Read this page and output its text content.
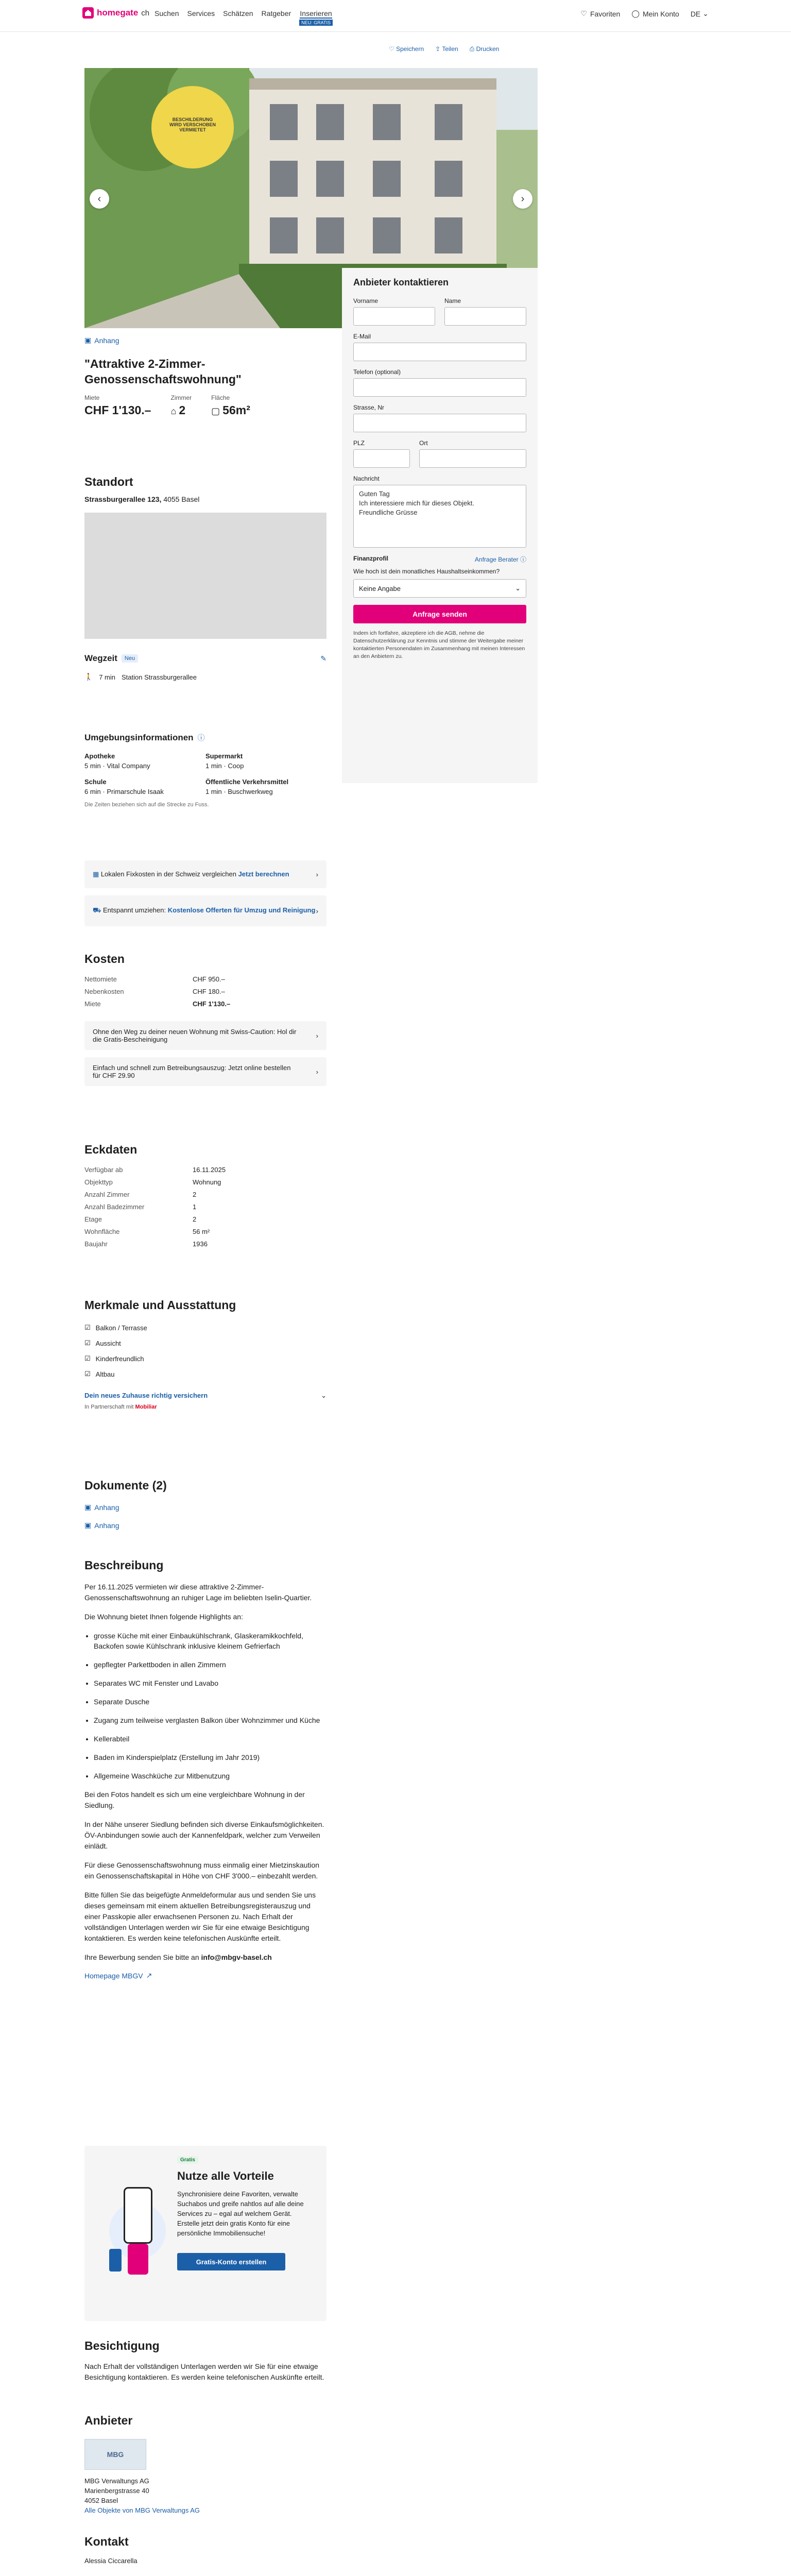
homegate ch Suchen Services Schätzen Ratgeber Inserieren
NEU: GRATIS
♡ Favoriten ◯ Mein Konto DE ⌄
♡ Speichern ⇪ Teilen ⎙ Drucken
BESCHILDERUNG WIRD VERSCHOBEN VERMIETET
‹	›
▣ Anhang
"Attraktive 2-Zimmer-Genossenschaftswohnung"
Miete
CHF 1'130.–
Zimmer
⌂ 2
Fläche
▢ 56m²
Standort
Strassburgerallee 123, 4055 Basel
Wegzeit	Neu	✎
🚶 7 min Station Strassburgerallee
Umgebungsinformationen ⓘ
Apotheke
5 min · Vital Company
Supermarkt
1 min · Coop
Schule
6 min · Primarschule Isaak
Öffentliche Verkehrsmittel
1 min · Buschwerkweg
Die Zeiten beziehen sich auf die Strecke zu Fuss.
▦ Lokalen Fixkosten in der Schweiz vergleichen Jetzt berechnen	›
⛟ Entspannt umziehen: Kostenlose Offerten für Umzug und Reinigung ›
Kosten
Nettomiete	CHF 950.–
Nebenkosten	CHF 180.–
Miete	CHF 1'130.–
Ohne den Weg zu deiner neuen Wohnung mit Swiss-Caution: Hol dir die Gratis-Bescheinigung	›
Einfach und schnell zum Betreibungsauszug: Jetzt online bestellen für CHF 29.90	›
Eckdaten
Verfügbar ab	16.11.2025
Objekttyp	Wohnung
Anzahl Zimmer	2
Anzahl Badezimmer	1
Etage	2
Wohnfläche	56 m²
Baujahr	1936
Merkmale und Ausstattung
☑ Balkon / Terrasse
☑ Aussicht
☑ Kinderfreundlich
☑ Altbau
Dein neues Zuhause richtig versichern	⌄
In Partnerschaft mit Mobiliar
Dokumente (2)
▣ Anhang
▣ Anhang
Beschreibung

Per 16.11.2025 vermieten wir diese attraktive 2-Zimmer-Genossenschaftswohnung an ruhiger Lage im beliebten Iselin-Quartier.

Die Wohnung bietet Ihnen folgende Highlights an:

• grosse Küche mit einer Einbaukühlschrank, Glaskeramikkochfeld, Backofen sowie Kühlschrank inklusive kleinem Gefrierfach
• gepflegter Parkettboden in allen Zimmern
• Separates WC mit Fenster und Lavabo
• Separate Dusche
• Zugang zum teilweise verglasten Balkon über Wohnzimmer und Küche
• Kellerabteil
• Baden im Kinderspielplatz (Erstellung im Jahr 2019)
• Allgemeine Waschküche zur Mitbenutzung

Bei den Fotos handelt es sich um eine vergleichbare Wohnung in der Siedlung.

In der Nähe unserer Siedlung befinden sich diverse Einkaufsmöglichkeiten. ÖV-Anbindungen sowie auch der Kannenfeldpark, welcher zum Verweilen einlädt.

Für diese Genossenschaftswohnung muss einmalig einer Mietzinskaution ein Genossenschaftskapital in Höhe von CHF 3'000.– einbezahlt werden.

Bitte füllen Sie das beigefügte Anmeldeformular aus und senden Sie uns dieses gemeinsam mit einem aktuellen Betreibungsregisterauszug und einer Passkopie aller erwachsenen Personen zu. Nach Erhalt der vollständigen Unterlagen werden wir Sie für eine etwaige Besichtigung kontaktieren. Es werden keine telefonischen Auskünfte erteilt.

Ihre Bewerbung senden Sie bitte an info@mbgv-basel.ch

Homepage MBGV ↗
Gratis
Nutze alle Vorteile
Synchronisiere deine Favoriten, verwalte Suchabos und greife nahtlos auf alle deine Services zu – egal auf welchem Gerät. Erstelle jetzt dein gratis Konto für eine persönliche Immobiliensuche!
Gratis-Konto erstellen
Besichtigung

Nach Erhalt der vollständigen Unterlagen werden wir Sie für eine etwaige Besichtigung kontaktieren. Es werden keine telefonischen Auskünfte erteilt.

Anbieter
MBG
MBG Verwaltungs AG
Marienbergstrasse 40
4052 Basel
Alle Objekte von MBG Verwaltungs AG
Kontakt
Alessia Ciccarella
Anbieter kontaktieren
Vorname	Name
E-Mail
Telefon (optional)
Strasse, Nr
PLZ	Ort
Nachricht
Guten Tag
Ich interessiere mich für dieses Objekt.
Freundliche Grüsse
Finanzprofil	Anfrage Berater ⓘ
Wie hoch ist dein monatliches Haushaltseinkommen?
Keine Angabe	⌄
Anfrage senden
Indem ich fortfahre, akzeptiere ich die AGB, nehme die Datenschutzerklärung zur Kenntnis und stimme der Weitergabe meiner kontaktierten Personendaten im Zusammenhang mit meinen Interessen an den Anbietern zu.
